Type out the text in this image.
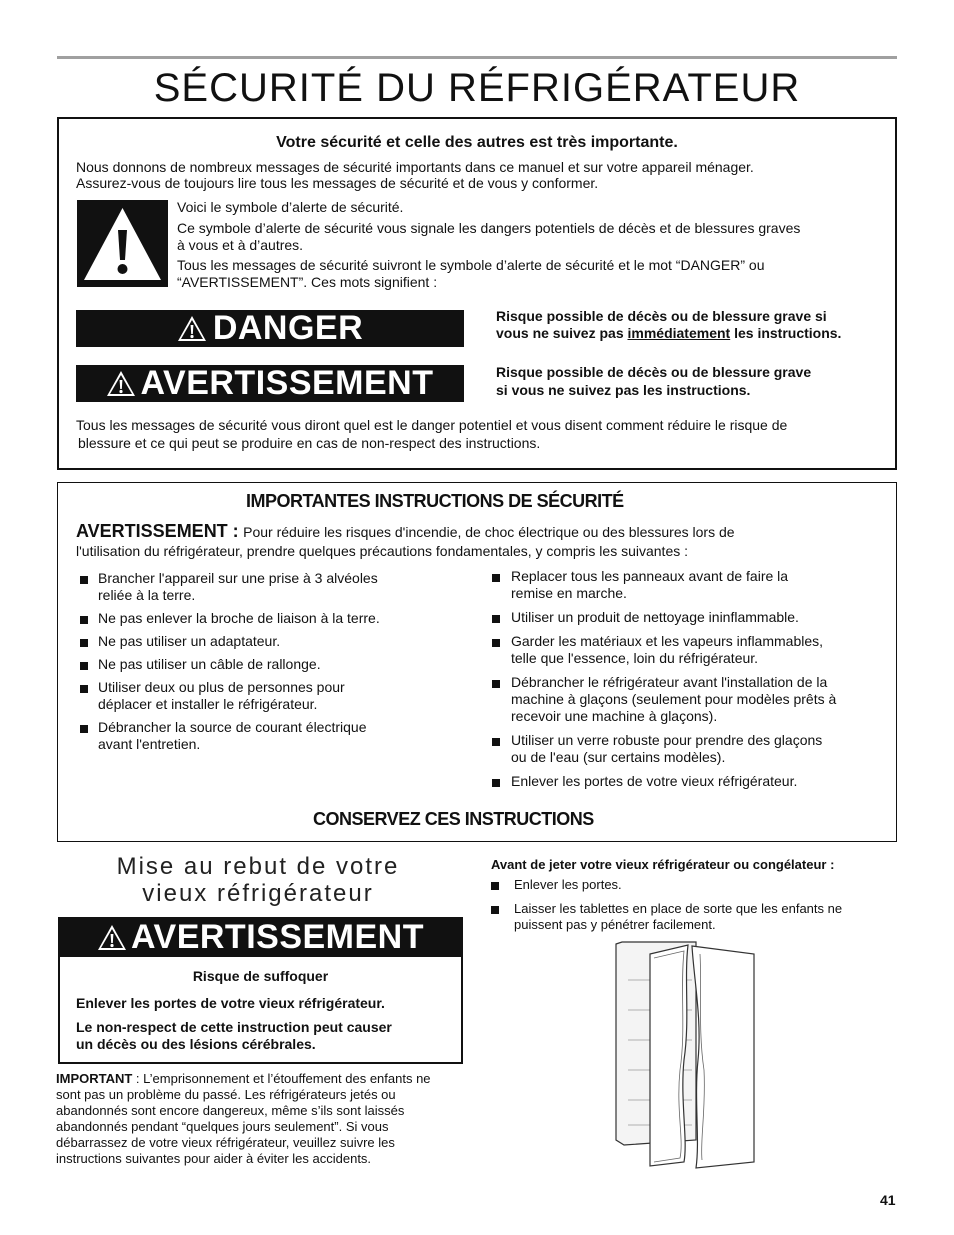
SÉCURITÉ DU RÉFRIGÉRATEUR
Votre sécurité et celle des autres est très importante.
Nous donnons de nombreux messages de sécurité importants dans ce manuel et sur votre appareil ménager.
Assurez-vous de toujours lire tous les messages de sécurité et de vous y conformer.
Voici le symbole d’alerte de sécurité.
Ce symbole d’alerte de sécurité vous signale les dangers potentiels de décès et de blessures graves
à vous et à d’autres.
Tous les messages de sécurité suivront le symbole d’alerte de sécurité et le mot “DANGER” ou
“AVERTISSEMENT”. Ces mots signifient :
DANGER	Risque possible de décès ou de blessure grave si
vous ne suivez pas immédiatement les instructions.
AVERTISSEMENT	Risque possible de décès ou de blessure grave
si vous ne suivez pas les instructions.
Tous les messages de sécurité vous diront quel est le danger potentiel et vous disent comment réduire le risque de
blessure et ce qui peut se produire en cas de non-respect des instructions.
IMPORTANTES INSTRUCTIONS DE SÉCURITÉ
AVERTISSEMENT : Pour réduire les risques d'incendie, de choc électrique ou des blessures lors de
l'utilisation du réfrigérateur, prendre quelques précautions fondamentales, y compris les suivantes :
Brancher l'appareil sur une prise à 3 alvéoles
reliée à la terre.
Ne pas enlever la broche de liaison à la terre.
Ne pas utiliser un adaptateur.
Ne pas utiliser un câble de rallonge.
Utiliser deux ou plus de personnes pour
déplacer et installer le réfrigérateur.
Débrancher la source de courant électrique
avant l'entretien.
Replacer tous les panneaux avant de faire la
remise en marche.
Utiliser un produit de nettoyage ininflammable.
Garder les matériaux et les vapeurs inflammables,
telle que l'essence, loin du réfrigérateur.
Débrancher le réfrigérateur avant l'installation de la
machine à glaçons (seulement pour modèles prêts à
recevoir une machine à glaçons).
Utiliser un verre robuste pour prendre des glaçons
ou de l'eau (sur certains modèles).
Enlever les portes de votre vieux réfrigérateur.
CONSERVEZ CES INSTRUCTIONS
Mise au rebut de votre
vieux réfrigérateur
AVERTISSEMENT
Risque de suffoquer
Enlever les portes de votre vieux réfrigérateur.
Le non-respect de cette instruction peut causer
un décès ou des lésions cérébrales.
IMPORTANT : L’emprisonnement et l’étouffement des enfants ne
sont pas un problème du passé. Les réfrigérateurs jetés ou
abandonnés sont encore dangereux, même s’ils sont laissés
abandonnés pendant “quelques jours seulement”. Si vous
débarrassez de votre vieux réfrigérateur, veuillez suivre les
instructions suivantes pour aider à éviter les accidents.
Avant de jeter votre vieux réfrigérateur ou congélateur :
Enlever les portes.
Laisser les tablettes en place de sorte que les enfants ne
puissent pas y pénétrer facilement.
41
